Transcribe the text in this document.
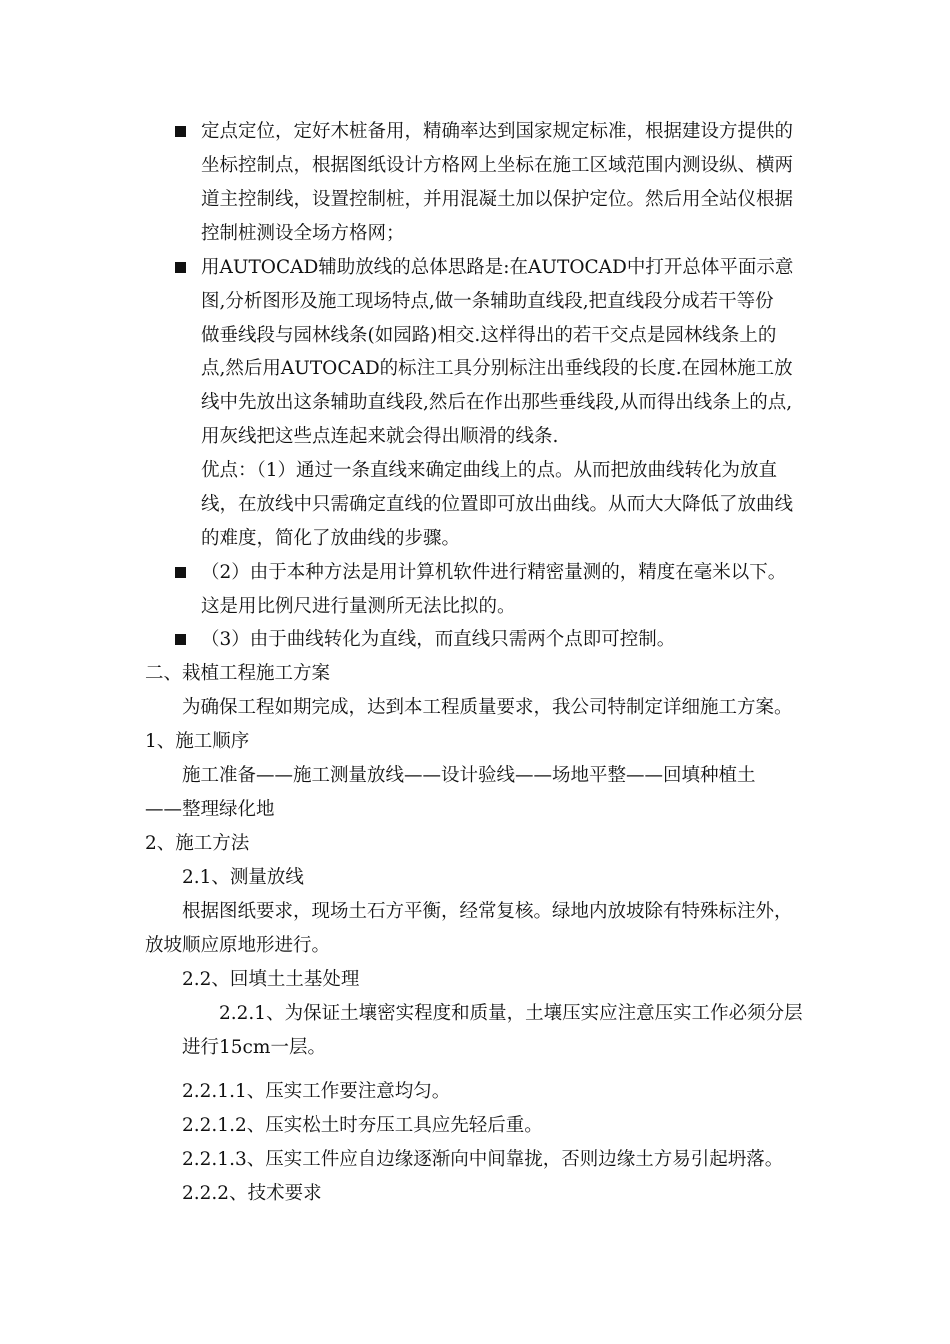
定点定位，定好木桩备用，精确率达到国家规定标准，根据建设方提供的
坐标控制点，根据图纸设计方格网上坐标在施工区域范围内测设纵、横两
道主控制线，设置控制桩，并用混凝土加以保护定位。然后用全站仪根据
控制桩测设全场方格网；
用AUTOCAD辅助放线的总体思路是:在AUTOCAD中打开总体平面示意
图,分析图形及施工现场特点,做一条辅助直线段,把直线段分成若干等份
做垂线段与园林线条(如园路)相交.这样得出的若干交点是园林线条上的
点,然后用AUTOCAD的标注工具分别标注出垂线段的长度.在园林施工放
线中先放出这条辅助直线段,然后在作出那些垂线段,从而得出线条上的点,
用灰线把这些点连起来就会得出顺滑的线条.
优点：（1）通过一条直线来确定曲线上的点。从而把放曲线转化为放直
线，在放线中只需确定直线的位置即可放出曲线。从而大大降低了放曲线
的难度，简化了放曲线的步骤。
（2）由于本种方法是用计算机软件进行精密量测的，精度在毫米以下。
这是用比例尺进行量测所无法比拟的。
（3）由于曲线转化为直线，而直线只需两个点即可控制。
二、栽植工程施工方案
为确保工程如期完成，达到本工程质量要求，我公司特制定详细施工方案。
1、施工顺序
施工准备——施工测量放线——设计验线——场地平整——回填种植土
——整理绿化地
2、施工方法
2.1、测量放线
根据图纸要求，现场土石方平衡，经常复核。绿地内放坡除有特殊标注外，
放坡顺应原地形进行。
2.2、回填土土基处理
2.2.1、为保证土壤密实程度和质量，土壤压实应注意压实工作必须分层
进行15cm一层。
2.2.1.1、压实工作要注意均匀。
2.2.1.2、压实松土时夯压工具应先轻后重。
2.2.1.3、压实工件应自边缘逐渐向中间靠拢，否则边缘土方易引起坍落。
2.2.2、技术要求
